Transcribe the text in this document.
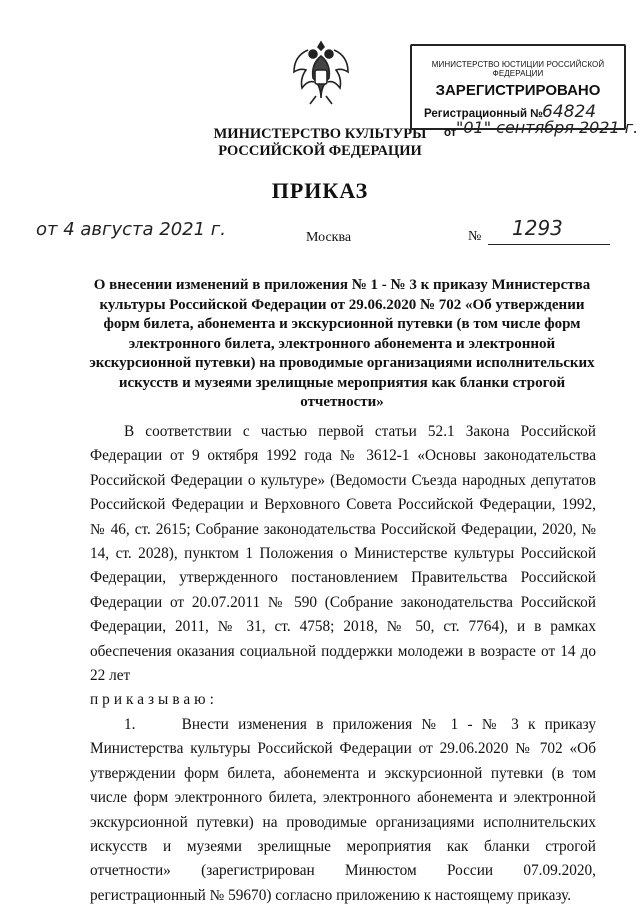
МИНИСТЕРСТВО КУЛЬТУРЫ
РОССИЙСКОЙ ФЕДЕРАЦИИ
МИНИСТЕРСТВО ЮСТИЦИИ РОССИЙСКОЙ ФЕДЕРАЦИИ
ЗАРЕГИСТРИРОВАНО
Регистрационный №
64824
от "01" сентября 2021 г.
ПРИКАЗ
от 4 августа 2021 г.	Москва	№ 1293
О внесении изменений в приложения № 1 - № 3 к приказу Министерства культуры Российской Федерации от 29.06.2020 № 702 «Об утверждении форм билета, абонемента и экскурсионной путевки (в том числе форм электронного билета, электронного абонемента и электронной экскурсионной путевки) на проводимые организациями исполнительских искусств и музеями зрелищные мероприятия как бланки строгой отчетности»

В соответствии с частью первой статьи 52.1 Закона Российской Федерации от 9 октября 1992 года № 3612-1 «Основы законодательства Российской Федерации о культуре» (Ведомости Съезда народных депутатов Российской Федерации и Верховного Совета Российской Федерации, 1992, № 46, ст. 2615; Собрание законодательства Российской Федерации, 2020, № 14, ст. 2028), пунктом 1 Положения о Министерстве культуры Российской Федерации, утвержденного постановлением Правительства Российской Федерации от 20.07.2011 № 590 (Собрание законодательства Российской Федерации, 2011, № 31, ст. 4758; 2018, № 50, ст. 7764), и в рамках обеспечения оказания социальной поддержки молодежи в возрасте от 14 до 22 лет

приказываю:

1.     Внести изменения в приложения № 1 - № 3 к приказу Министерства культуры Российской Федерации от 29.06.2020 № 702 «Об утверждении форм билета, абонемента и экскурсионной путевки (в том числе форм электронного билета, электронного абонемента и электронной экскурсионной путевки) на проводимые организациями исполнительских искусств и музеями зрелищные мероприятия как бланки строгой отчетности» (зарегистрирован Минюстом России 07.09.2020, регистрационный № 59670) согласно приложению к настоящему приказу.
